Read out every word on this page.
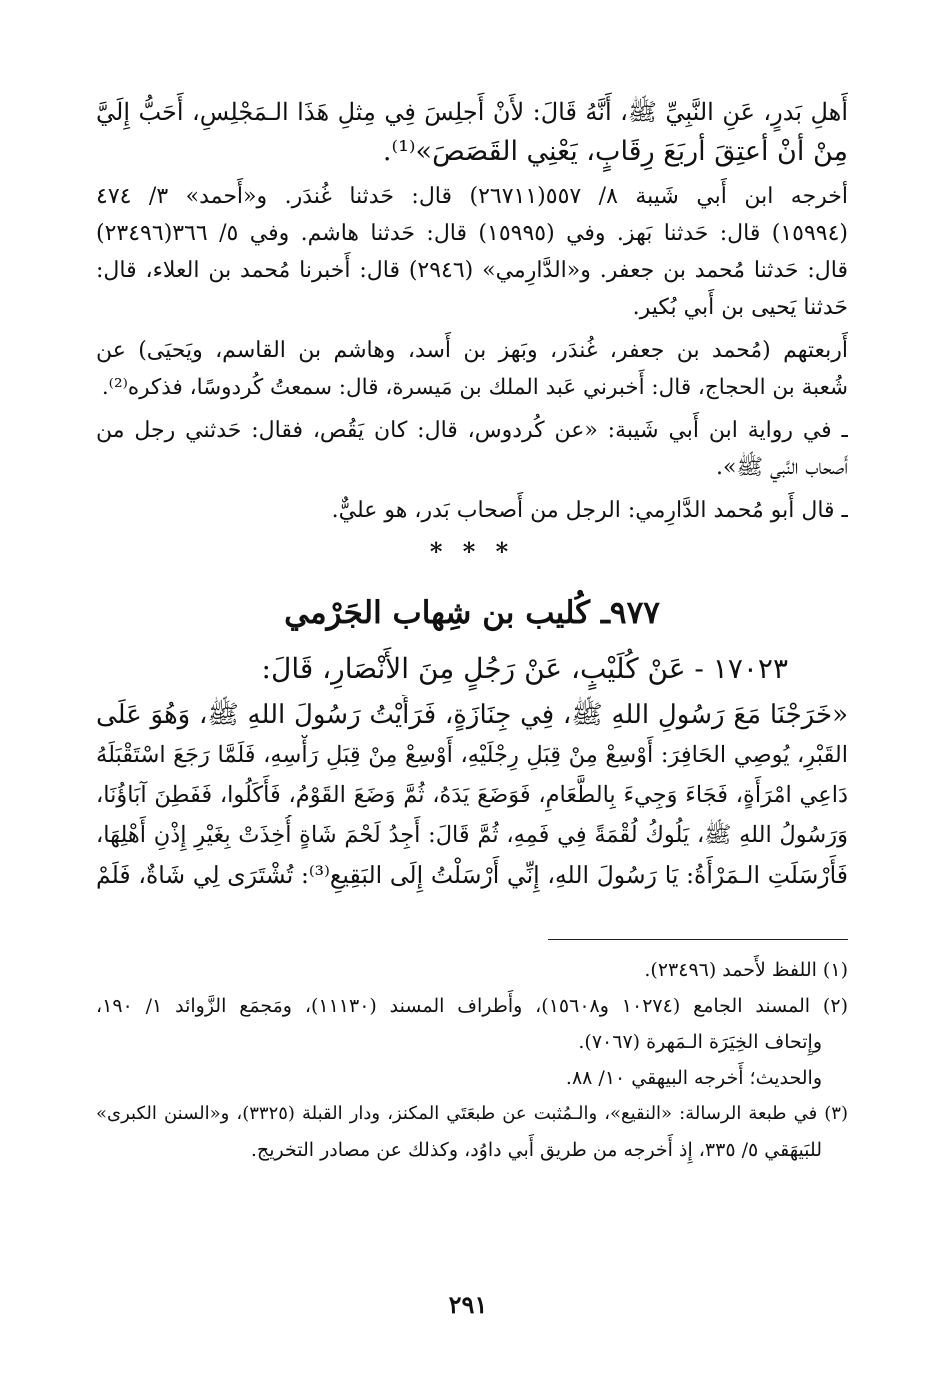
أَهلِ بَدرٍ، عَنِ النَّبِيِّ ﷺ، أَنَّهُ قَالَ: لأَنْ أَجلِسَ فِي مِثلِ هَذَا الـمَجْلِسِ، أَحَبُّ إِلَيَّ
مِنْ أَنْ أُعتِقَ أَربَعَ رِقَابٍ، يَعْنِي القَصَصَ»⁽¹⁾.
أخرجه ابن أَبي شَيبة ٨/ ٥٥٧(٢٦٧١١) قال: حَدثنا غُندَر. و«أَحمد» ٣/ ٤٧٤
(١٥٩٩٤) قال: حَدثنا بَهز. وفي (١٥٩٩٥) قال: حَدثنا هاشم. وفي ٥/ ٣٦٦(٢٣٤٩٦)
قال: حَدثنا مُحمد بن جعفر. و«الدَّارِمي» (٢٩٤٦) قال: أَخبرنا مُحمد بن العلاء، قال:
حَدثنا يَحيى بن أَبي بُكير.
أَربعتهم (مُحمد بن جعفر، غُندَر، وبَهز بن أَسد، وهاشم بن القاسم، ويَحيَى) عن
شُعبة بن الحجاج، قال: أَخبرني عَبد الملك بن مَيسرة، قال: سمعتُ كُردوسًا، فذكره⁽²⁾.
ـ في رواية ابن أَبي شَيبة: «عن كُردوس، قال: كان يَقُص، فقال: حَدثني رجل من
أَصحاب النَّبي ﷺ».
ـ قال أَبو مُحمد الدَّارِمي: الرجل من أَصحاب بَدر، هو عليٌّ.
* * *
٩٧٧ـ كُليب بن شِهاب الجَرْمي
١٧٠٢٣ - عَنْ كُلَيْبٍ، عَنْ رَجُلٍ مِنَ الأَنْصَارِ، قَالَ:
«خَرَجْنَا مَعَ رَسُولِ اللهِ ﷺ، فِي جِنَازَةٍ، فَرَأَيْتُ رَسُولَ اللهِ ﷺ، وَهُوَ عَلَى
القَبْرِ، يُوصِي الحَافِرَ: أَوْسِعْ مِنْ قِبَلِ رِجْلَيْهِ، أَوْسِعْ مِنْ قِبَلِ رَأْسِهِ، فَلَمَّا رَجَعَ اسْتَقْبَلَهُ
دَاعِي امْرَأَةٍ، فَجَاءَ وَجِيءَ بِالطَّعَامِ، فَوَضَعَ يَدَهُ، ثُمَّ وَضَعَ القَوْمُ، فَأَكَلُوا، فَفَطِنَ آبَاؤُنَا،
وَرَسُولُ اللهِ ﷺ، يَلُوكُ لُقْمَةً فِي فَمِهِ، ثُمَّ قَالَ: أَجِدُ لَحْمَ شَاةٍ أُخِذَتْ بِغَيْرِ إِذْنِ أَهْلِهَا،
فَأَرْسَلَتِ الـمَرْأَةُ: يَا رَسُولَ اللهِ، إِنِّي أَرْسَلْتُ إِلَى البَقِيعِ⁽³⁾: تُشْتَرَى لِي شَاةٌ، فَلَمْ
(١) اللفظ لأَحمد (٢٣٤٩٦).
(٢) المسند الجامع (١٠٢٧٤ و١٥٦٠٨)، وأَطراف المسند (١١١٣٠)، ومَجمَع الزَّوائد ١/ ١٩٠،
وإِتحاف الخِيَرَة الـمَهرة (٧٠٦٧).
والحديث؛ أَخرجه البيهقي ١٠/ ٨٨.
(٣) في طبعة الرسالة: «النقيع»، والـمُثبت عن طبعَتَي المكنز، ودار القبلة (٣٣٢٥)، و«السنن الكبرى»
للبَيهَقي ٥/ ٣٣٥، إِذ أَخرجه من طريق أَبي داوُد، وكذلك عن مصادر التخريج.
٢٩١
